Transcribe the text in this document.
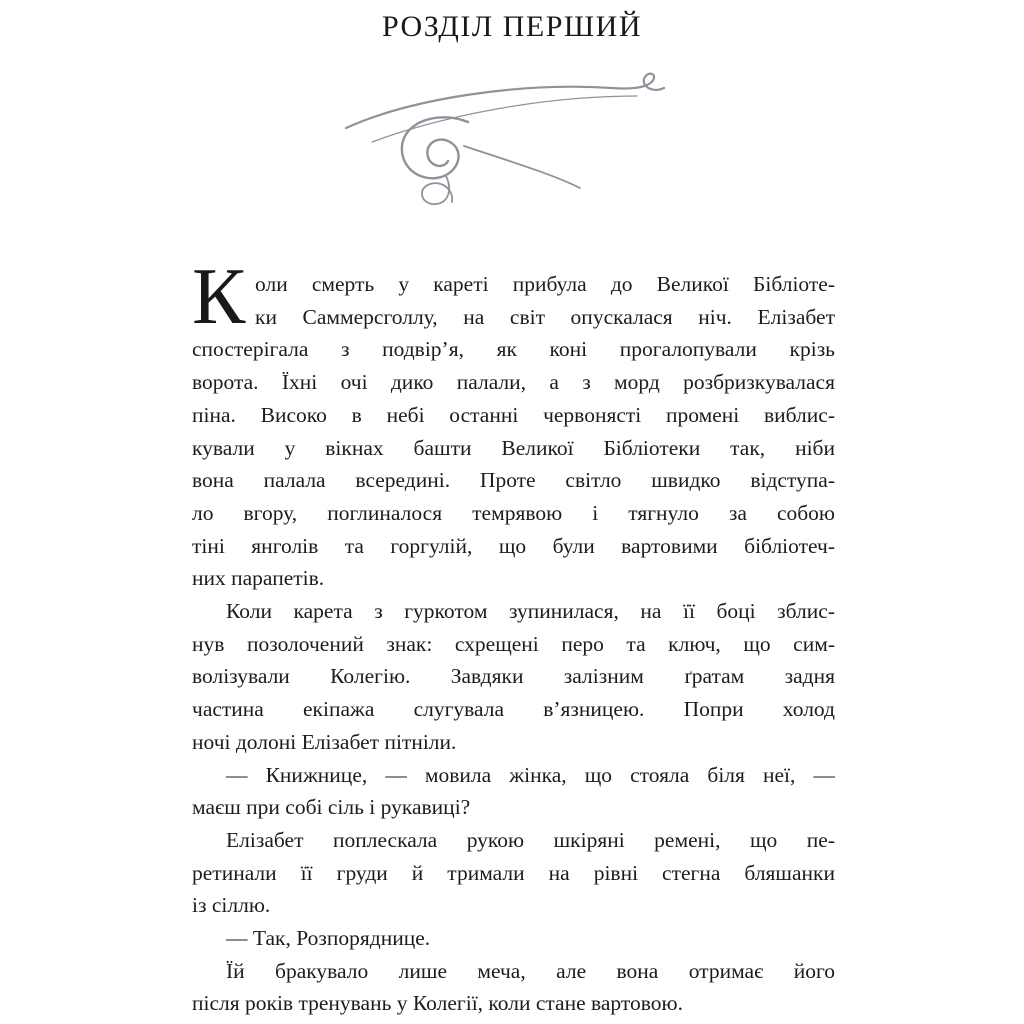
РОЗДІЛ ПЕРШИЙ
К оли смерть у кареті прибула до Великої Бібліоте-
ки Саммерсголлу, на світ опускалася ніч. Елізабет
спостерігала з подвір’я, як коні прогалопували крізь
ворота. Їхні очі дико палали, а з морд розбризкувалася
піна. Високо в небі останні червонясті промені виблис-
кували у вікнах башти Великої Бібліотеки так, ніби
вона палала всередині. Проте світло швидко відступа-
ло вгору, поглиналося темрявою і тягнуло за собою
тіні янголів та горгулій, що були вартовими бібліотеч-
них парапетів.
Коли карета з гуркотом зупинилася, на її боці зблис-
нув позолочений знак: схрещені перо та ключ, що сим-
волізували Колегію. Завдяки залізним ґратам задня
частина екіпажа слугувала в’язницею. Попри холод
ночі долоні Елізабет пітніли.
— Книжнице, — мовила жінка, що стояла біля неї, —
маєш при собі сіль і рукавиці?
Елізабет поплескала рукою шкіряні ремені, що пе-
ретинали її груди й тримали на рівні стегна бляшанки
із сіллю.
— Так, Розпоряднице.
Їй бракувало лише меча, але вона отримає його
після років тренувань у Колегії, коли стане вартовою.
